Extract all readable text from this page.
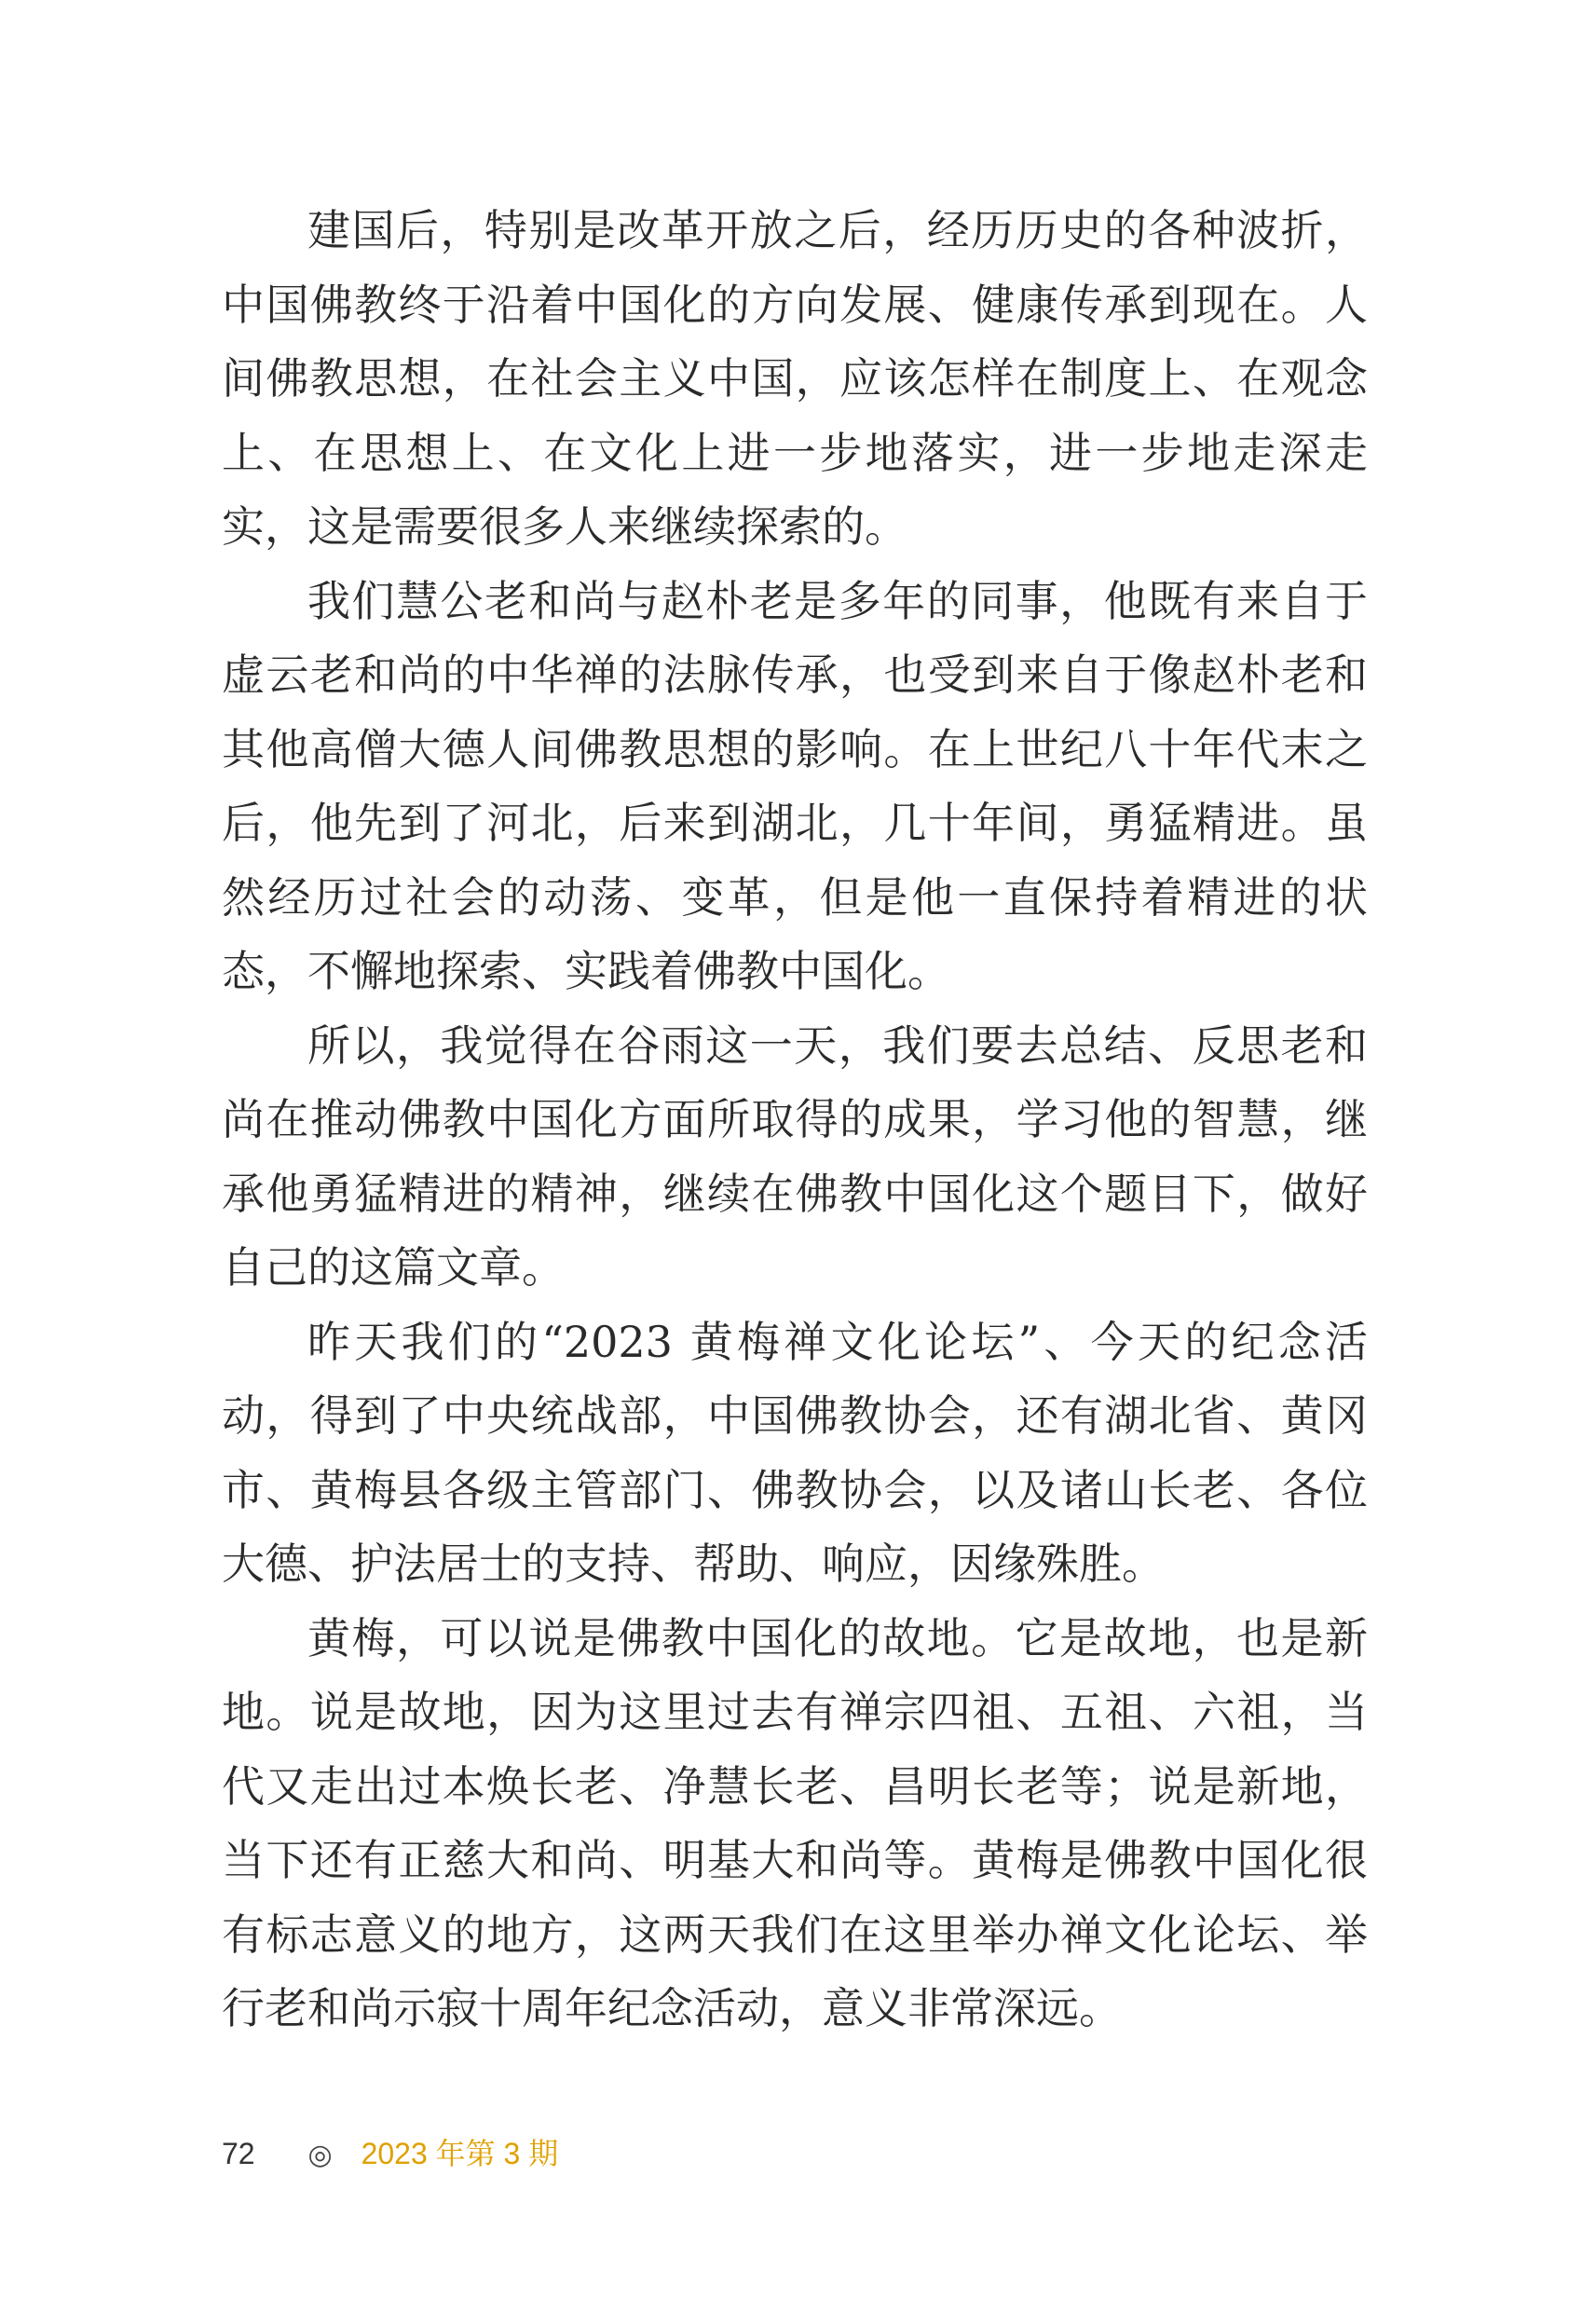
建国后，特别是改革开放之后，经历历史的各种波折，中国佛教终于沿着中国化的方向发展、健康传承到现在。人间佛教思想，在社会主义中国，应该怎样在制度上、在观念上、在思想上、在文化上进一步地落实，进一步地走深走实，这是需要很多人来继续探索的。

我们慧公老和尚与赵朴老是多年的同事，他既有来自于虚云老和尚的中华禅的法脉传承，也受到来自于像赵朴老和其他高僧大德人间佛教思想的影响。在上世纪八十年代末之后，他先到了河北，后来到湖北，几十年间，勇猛精进。虽然经历过社会的动荡、变革，但是他一直保持着精进的状态，不懈地探索、实践着佛教中国化。

所以，我觉得在谷雨这一天，我们要去总结、反思老和尚在推动佛教中国化方面所取得的成果，学习他的智慧，继承他勇猛精进的精神，继续在佛教中国化这个题目下，做好自己的这篇文章。

昨天我们的“2023 黄梅禅文化论坛”、今天的纪念活动，得到了中央统战部，中国佛教协会，还有湖北省、黄冈市、黄梅县各级主管部门、佛教协会，以及诸山长老、各位大德、护法居士的支持、帮助、响应，因缘殊胜。

黄梅，可以说是佛教中国化的故地。它是故地，也是新地。说是故地，因为这里过去有禅宗四祖、五祖、六祖，当代又走出过本焕长老、净慧长老、昌明长老等；说是新地，当下还有正慈大和尚、明基大和尚等。黄梅是佛教中国化很有标志意义的地方，这两天我们在这里举办禅文化论坛、举行老和尚示寂十周年纪念活动，意义非常深远。

72 ◎ 2023 年第 3 期
